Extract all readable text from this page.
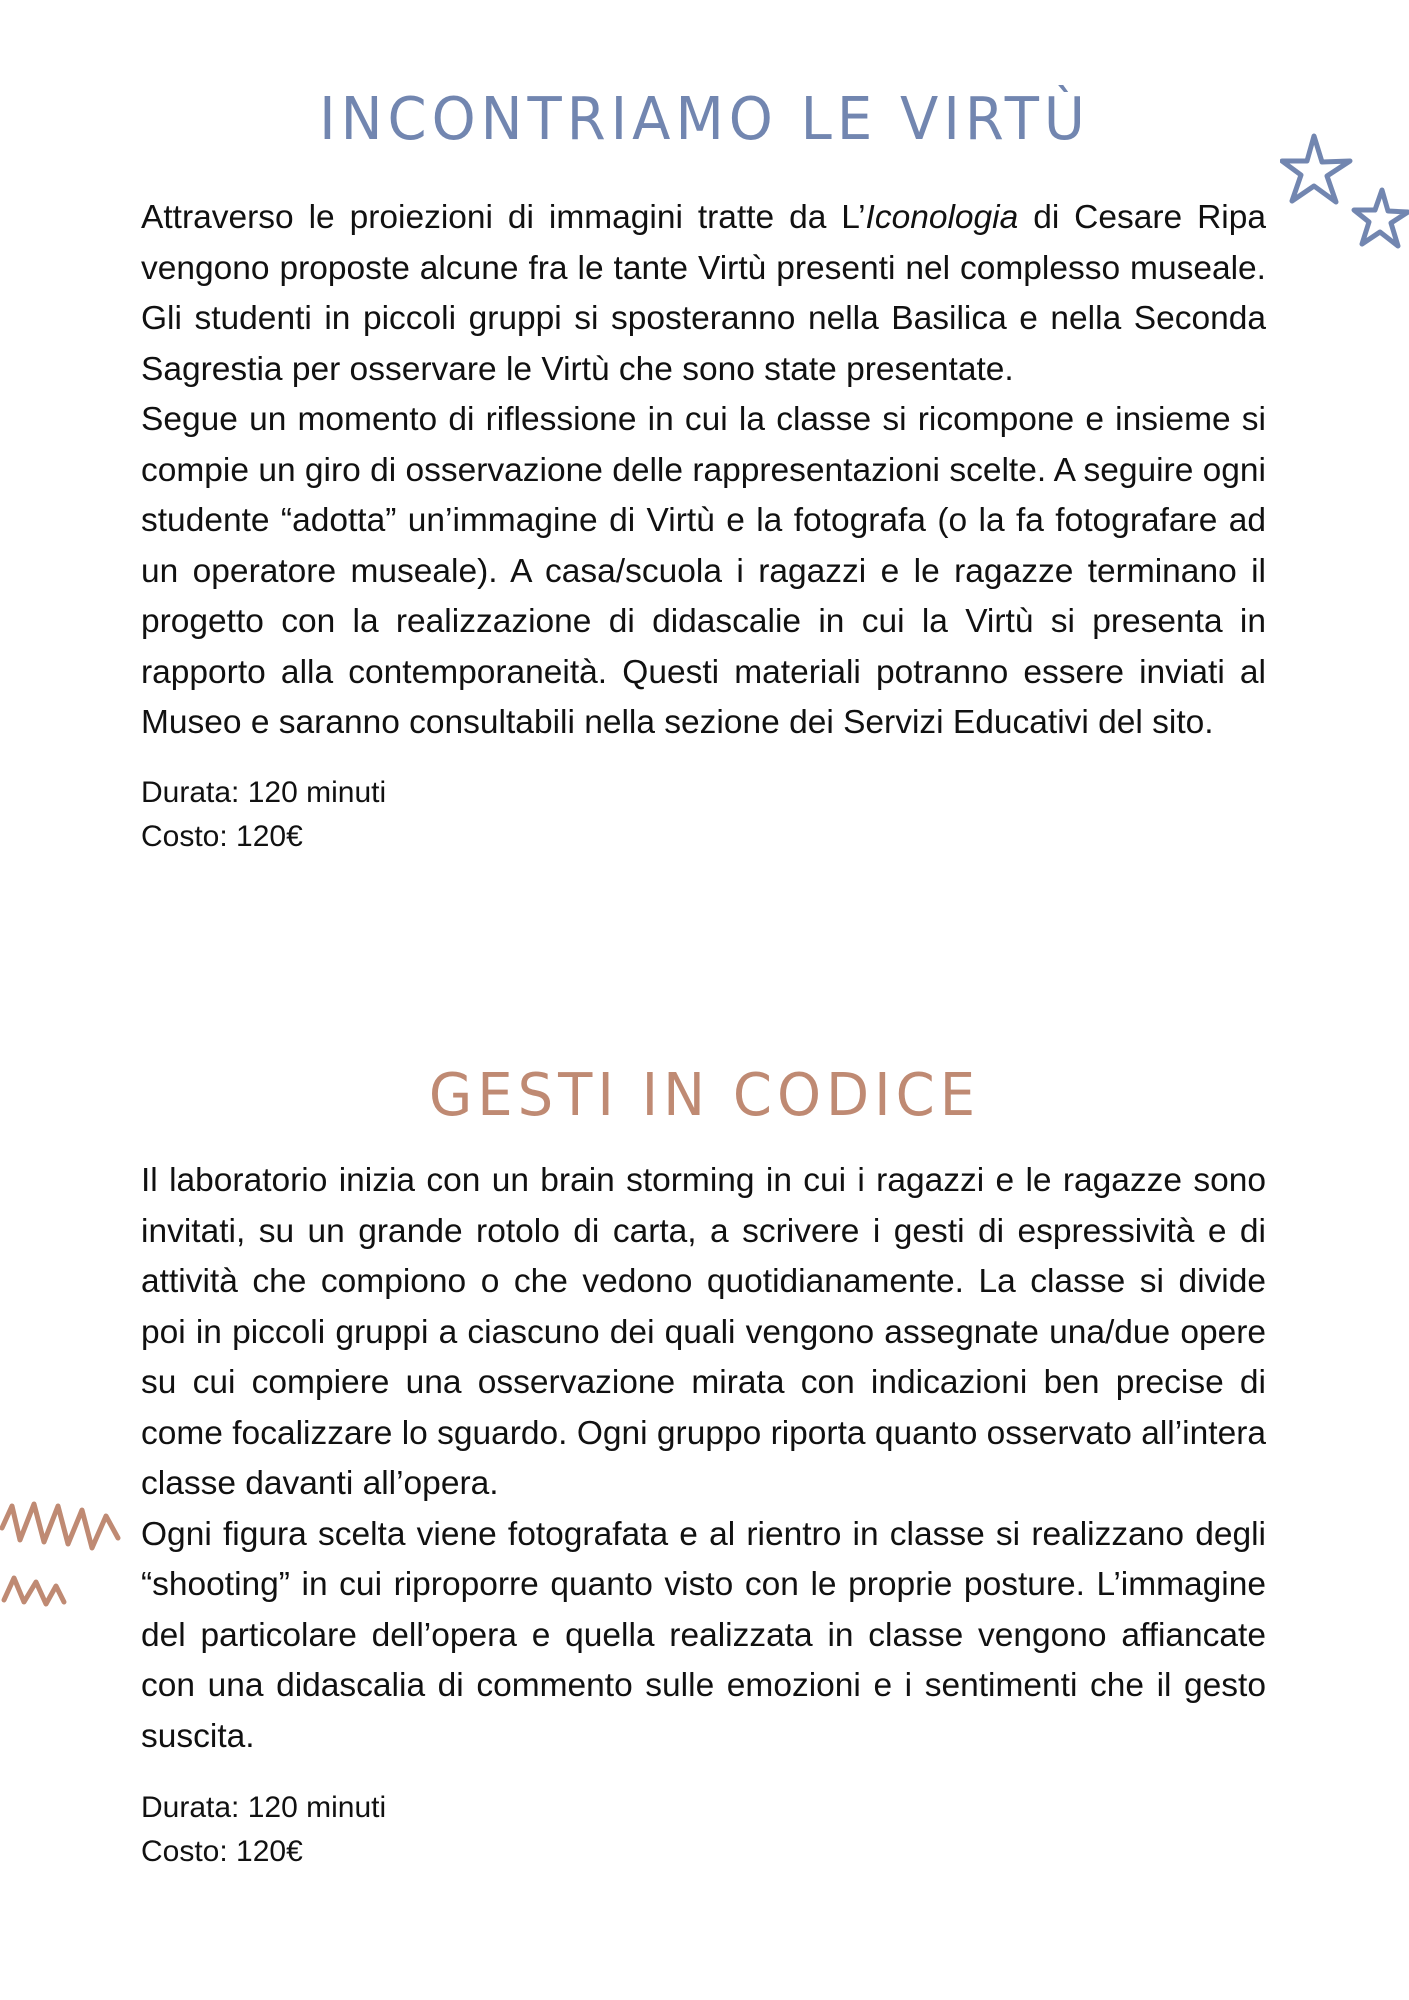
INCONTRIAMO LE VIRTÙ

Attraverso le proiezioni di immagini tratte da L’Iconologia di Cesare Ripa vengono proposte alcune fra le tante Virtù presenti nel complesso museale. Gli studenti in piccoli gruppi si sposteranno nella Basilica e nella Seconda Sagrestia per osservare le Virtù che sono state presentate.

Segue un momento di riflessione in cui la classe si ricompone e insieme si compie un giro di osservazione delle rappresentazioni scelte. A seguire ogni studente “adotta” un’immagine di Virtù e la fotografa (o la fa fotografare ad un operatore museale). A casa/scuola i ragazzi e le ragazze terminano il progetto con la realizzazione di didascalie in cui la Virtù si presenta in rapporto alla contemporaneità. Questi materiali potranno essere inviati al Museo e saranno consultabili nella sezione dei Servizi Educativi del sito.

Durata: 120 minuti

Costo: 120€

GESTI IN CODICE

Il laboratorio inizia con un brain storming in cui i ragazzi e le ragazze sono invitati, su un grande rotolo di carta, a scrivere i gesti di espressività e di attività che compiono o che vedono quotidianamente. La classe si divide poi in piccoli gruppi a ciascuno dei quali vengono assegnate una/due opere su cui compiere una osservazione mirata con indicazioni ben precise di come focalizzare lo sguardo. Ogni gruppo riporta quanto osservato all’intera classe davanti all’opera.

Ogni figura scelta viene fotografata e al rientro in classe si realizzano degli “shooting” in cui riproporre quanto visto con le proprie posture. L’immagine del particolare dell’opera e quella realizzata in classe vengono affiancate con una didascalia di commento sulle emozioni e i sentimenti che il gesto suscita.

Durata: 120 minuti

Costo: 120€
